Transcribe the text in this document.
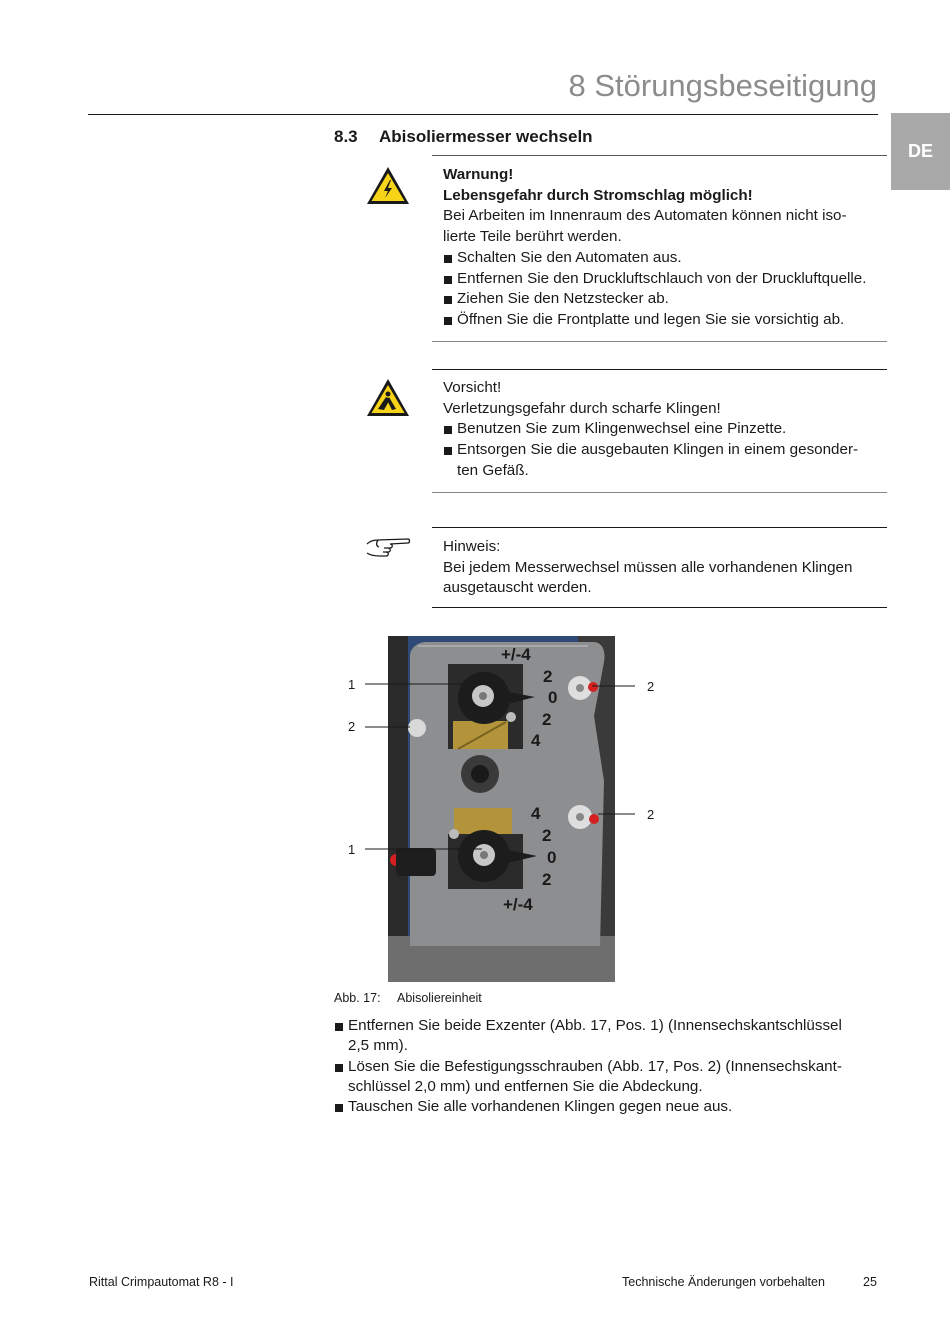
8 Störungsbeseitigung
DE
8.3 Abisoliermesser wechseln

Warnung!

Lebensgefahr durch Stromschlag möglich!

Bei Arbeiten im Innenraum des Automaten können nicht iso-

lierte Teile berührt werden.

Schalten Sie den Automaten aus.

Entfernen Sie den Druckluftschlauch von der Druckluftquelle.

Ziehen Sie den Netzstecker ab.

Öffnen Sie die Frontplatte und legen Sie sie vorsichtig ab.

Vorsicht!

Verletzungsgefahr durch scharfe Klingen!

Benutzen Sie zum Klingenwechsel eine Pinzette.

Entsorgen Sie die ausgebauten Klingen in einem gesonder-
ten Gefäß.

Hinweis:

Bei jedem Messerwechsel müssen alle vorhandenen Klingen

ausgetauscht werden.

+/-4
2
0
2
4
4
2
0
2
+/-4
1	2
2
2
1
Abb. 17: Abisoliereinheit

Entfernen Sie beide Exzenter (Abb. 17, Pos. 1) (Innensechskantschlüssel
2,5 mm).

Lösen Sie die Befestigungsschrauben (Abb. 17, Pos. 2) (Innensechskant-
schlüssel 2,0 mm) und entfernen Sie die Abdeckung.

Tauschen Sie alle vorhandenen Klingen gegen neue aus.

Rittal Crimpautomat R8 - I	Technische Änderungen vorbehalten	25
